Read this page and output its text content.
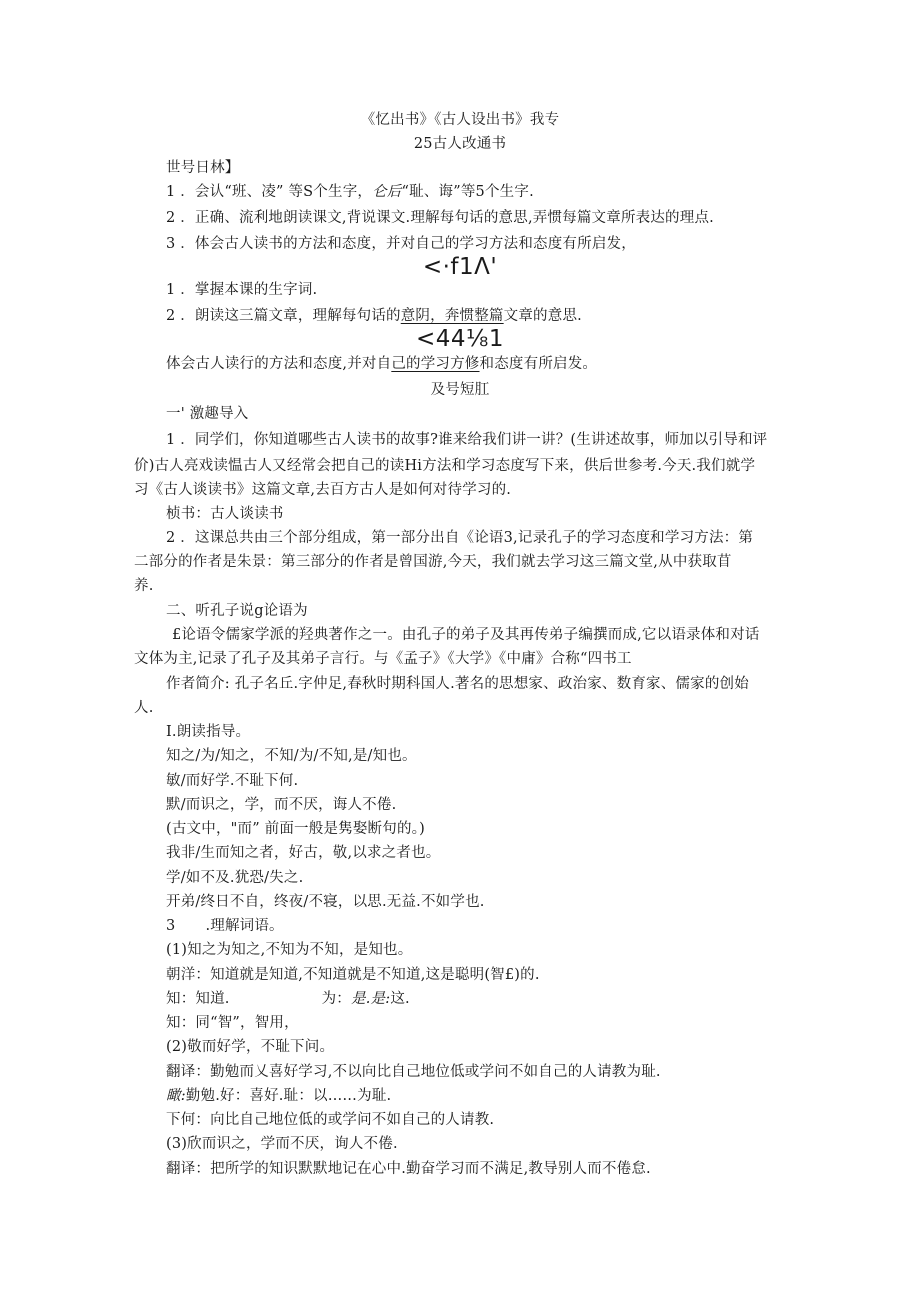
《忆出书》《古人设出书》我专
25古人改通书
世号日林】
1 ．会认“班、凌” 等S个生字，仑后“耻、诲”等5个生字.
2 ．正确、流利地朗读课文,背说课文.理解每句话的意思,弄惯每篇文章所表达的理点.
3 ．体会古人读书的方法和态度，并对自己的学习方法和态度有所启发，
<·f1Λ'
1 ．掌握本课的生字词.
2 ．朗读这三篇文章，理解每句话的意阴，奔惯整篇文章的意思.
<44⅛1
体会古人读行的方法和态度,并对自己的学习方修和态度有所启发。
及号短肛
一' 激趣导入
1 ．同学们，你知道哪些古人读书的故事?谁来给我们讲一讲？(生讲述故事，师加以引导和评
价)古人亮戏读愠古人又经常会把自己的读Hi方法和学习态度写下来，供后世参考.今天.我们就学
习《古人谈读书》这篇文章,去百方古人是如何对待学习的.
桢书：古人谈读书
2 ．这课总共由三个部分组成，第一部分出自《论语3,记录孔子的学习态度和学习方法：第
二部分的作者是朱景：第三部分的作者是曾国游,今天，我们就去学习这三篇文堂,从中获取苜
养.
二、听孔子说g论语为
£论语令儒家学派的羟典著作之一。由孔子的弟子及其再传弟子编撰而成,它以语录体和对话
文体为主,记录了孔子及其弟子言行。与《孟子》《大学》《中庸》合称“四书工
作者简介: 孔子名丘.字仲足,春秋时期科国人.著名的思想家、政治家、数育家、儒家的创始
人.
I.朗读指导。
知之/为/知之，不知/为/不知,是/知也。
敏/而好学.不耻下何.
默/而识之，学，而不厌，诲人不倦.
(古文中，"而” 前面一般是隽娶断句的。)
我非/生而知之者，好古，敬,以求之者也。
学/如不及.犹恐/失之.
开弟/终日不自，终夜/不寝，以思.无益.不如学也.
3 .理解词语。
(1)知之为知之,不知为不知，是知也。
朝洋：知道就是知道,不知道就是不知道,这是聪明(智£)的.
知：知道.	为：是.是:这.
知：同“智”，智用，
(2)敬而好学，不耻下问。
翻译：勤勉而乂喜好学习,不以向比自己地位低或学问不如自己的人请教为耻.
瞰:勤勉.好：喜好.耻：以……为耻.
下何：向比自己地位低的或学问不如自己的人请教.
(3)欣而识之，学而不厌，询人不倦.
翻译：把所学的知识默默地记在心中.勤奋学习而不满足,教导别人而不倦怠.
